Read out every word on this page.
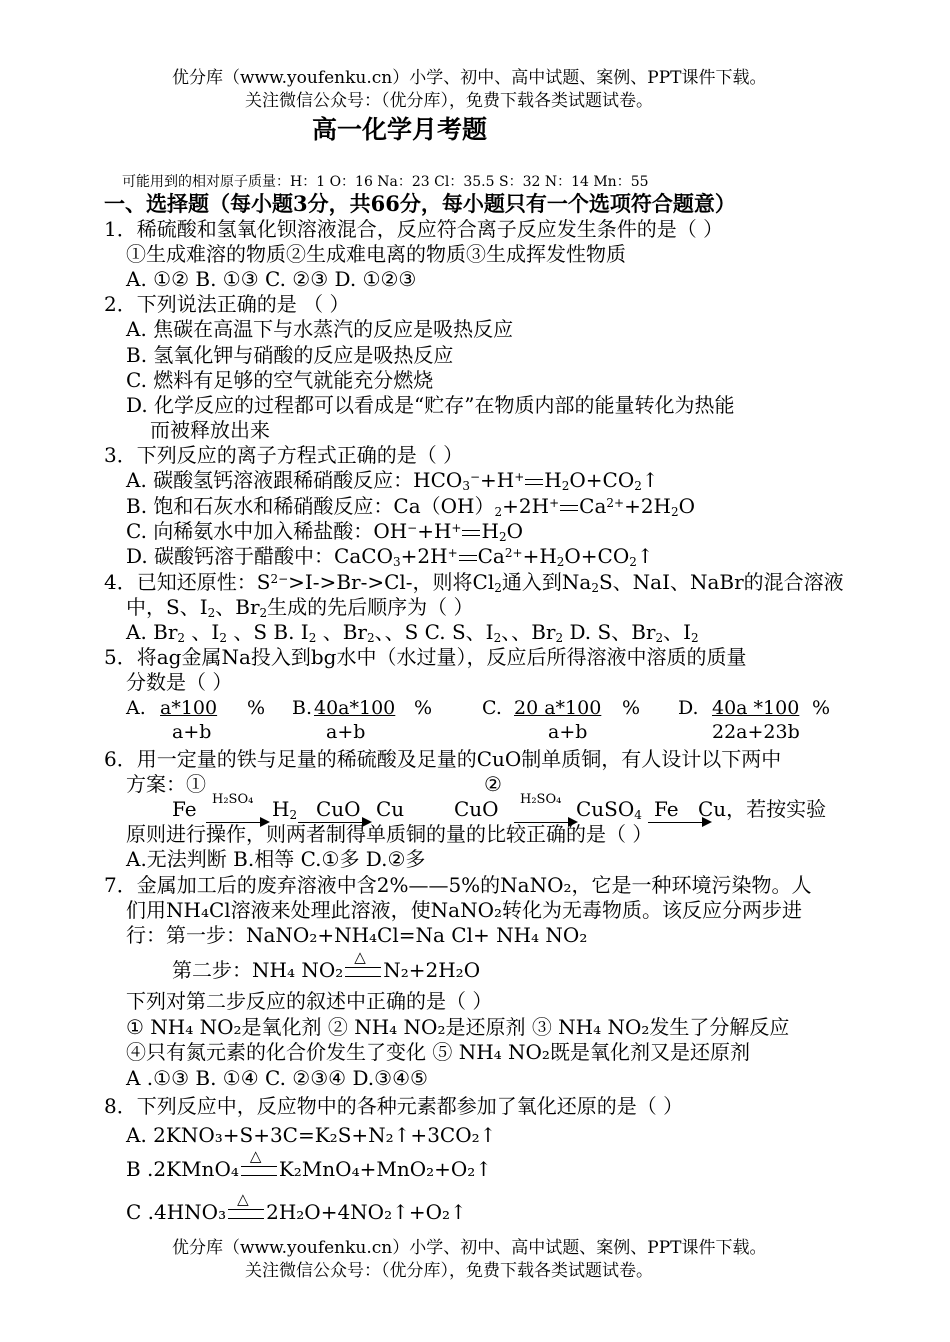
优分库（www.youfenku.cn）小学、初中、高中试题、案例、PPT课件下载。
关注微信公众号：（优分库），免费下载各类试题试卷。
高一化学月考题
可能用到的相对原子质量：H：1 O：16 Na：23 Cl：35.5 S：32 N：14 Mn：55
一、选择题（每小题3分，共66分，每小题只有一个选项符合题意）
1．稀硫酸和氢氧化钡溶液混合，反应符合离子反应发生条件的是（ ）
①生成难溶的物质②生成难电离的物质③生成挥发性物质
A. ①② B. ①③ C. ②③ D. ①②③
2．下列说法正确的是 （ ）
A. 焦碳在高温下与水蒸汽的反应是吸热反应
B. 氢氧化钾与硝酸的反应是吸热反应
C. 燃料有足够的空气就能充分燃烧
D. 化学反应的过程都可以看成是“贮存”在物质内部的能量转化为热能
而被释放出来
3．下列反应的离子方程式正确的是（ ）
A. 碳酸氢钙溶液跟稀硝酸反应：$HCO_3^-+H^+$ $H_2O+CO_2↑$
B. 饱和石灰水和稀硝酸反应：$Ca(OH)_2+2H^+$ $Ca^{2+}+2H_2O$
C. 向稀氨水中加入稀盐酸：OH−+H+ $H_2O$
D. 碳酸钙溶于醋酸中：CaCO$_3$+2H+ $Ca^{2+}+H_2O+CO_2↑$
4．已知还原性：$S^{2-}>I->Br->Cl-$，则将$Cl_2$通入到$Na_2S$、NaI、NaBr的混合溶液
中，S、$I_2$、$Br_2$生成的先后顺序为（ ）
A. $Br_2$ 、$I_2$ 、S B. $I_2$ 、$Br_2$、、S C. S、$I_2$、、$Br_2$ D. S、$Br_2$、$I_2$
5．将ag金属Na投入到bg水中（水过量），反应后所得溶液中溶质的质量
分数是（ ）
A. a*100 %
a+b
B. 40a*100 %
a+b
C. 20 a*100 %
a+b
D. 40a *100 %
22a+23b
6．用一定量的铁与足量的稀硫酸及足量的CuO制单质铜，有人设计以下两中
方案：①	②
Fe H₂SO₄ $H_2$ CuO Cu CuO H₂SO₄ CuSO$_4$ Fe Cu，若按实验
原则进行操作，则两者制得单质铜的量的比较正确的是（ ）
A.无法判断 B.相等 C.①多 D.②多
7．金属加工后的废弃溶液中含2%——5%的NaNO₂，它是一种环境污染物。人
们用NH₄Cl溶液来处理此溶液，使NaNO₂转化为无毒物质。该反应分两步进
行：第一步：NaNO₂+NH₄Cl=Na Cl+ NH₄ NO₂
第二步：NH₄ NO₂
△
N₂+2H₂O
下列对第二步反应的叙述中正确的是（ ）
① NH₄ NO₂是氧化剂 ② NH₄ NO₂是还原剂 ③ NH₄ NO₂发生了分解反应
④只有氮元素的化合价发生了变化 ⑤ NH₄ NO₂既是氧化剂又是还原剂
A .①③ B. ①④ C. ②③④ D.③④⑤
8．下列反应中，反应物中的各种元素都参加了氧化还原的是（ ）
A. 2KNO₃+S+3C=K₂S+N₂↑+3CO₂↑
B .2KMnO₄
△
K₂MnO₄+MnO₂+O₂↑
C .4HNO₃
△
2H₂O+4NO₂↑+O₂↑
优分库（www.youfenku.cn）小学、初中、高中试题、案例、PPT课件下载。
关注微信公众号：（优分库），免费下载各类试题试卷。
